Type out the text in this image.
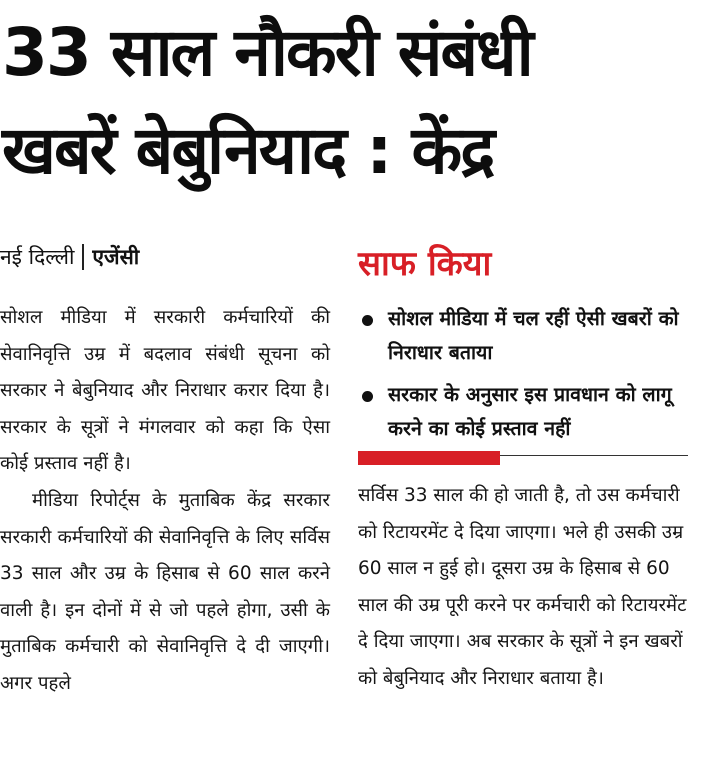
33 साल नौकरी संबंधी
खबरें बेबुनियाद : केंद्र
नई दिल्ली एजेंसी

सोशल मीडिया में सरकारी कर्मचारियों की सेवानिवृत्ति उम्र में बदलाव संबंधी सूचना को सरकार ने बेबुनियाद और निराधार करार दिया है। सरकार के सूत्रों ने मंगलवार को कहा कि ऐसा कोई प्रस्ताव नहीं है।

मीडिया रिपोर्ट्स के मुताबिक केंद्र सरकार सरकारी कर्मचारियों की सेवानिवृत्ति के लिए सर्विस 33 साल और उम्र के हिसाब से 60 साल करने वाली है। इन दोनों में से जो पहले होगा, उसी के मुताबिक कर्मचारी को सेवानिवृत्ति दे दी जाएगी। अगर पहले

साफ किया
सोशल मीडिया में चल रहीं ऐसी खबरों को निराधार बताया
सरकार के अनुसार इस प्रावधान को लागू करने का कोई प्रस्ताव नहीं

सर्विस 33 साल की हो जाती है, तो उस कर्मचारी को रिटायरमेंट दे दिया जाएगा। भले ही उसकी उम्र 60 साल न हुई हो। दूसरा उम्र के हिसाब से 60 साल की उम्र पूरी करने पर कर्मचारी को रिटायरमेंट दे दिया जाएगा। अब सरकार के सूत्रों ने इन खबरों को बेबुनियाद और निराधार बताया है।
